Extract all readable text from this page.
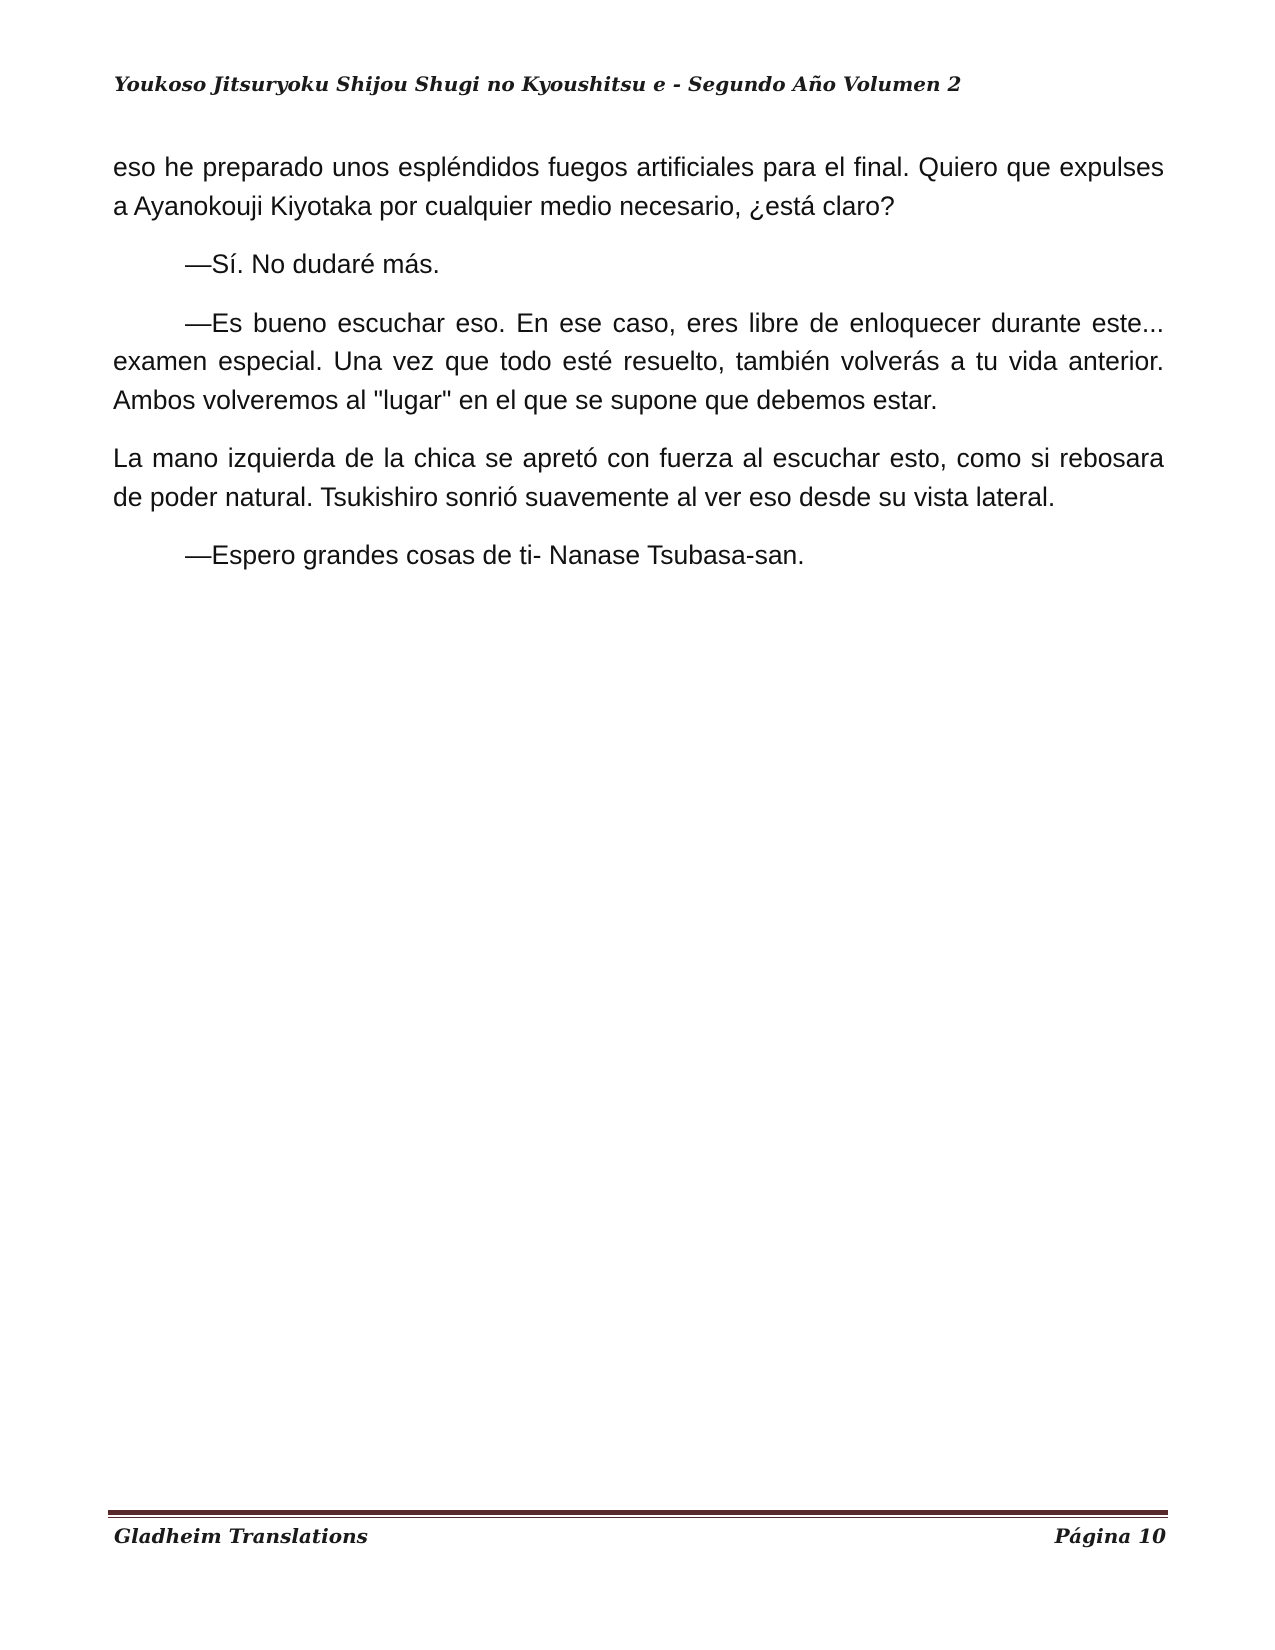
Youkoso Jitsuryoku Shijou Shugi no Kyoushitsu e - Segundo Año Volumen 2

eso he preparado unos espléndidos fuegos artificiales para el final. Quiero que expulses a Ayanokouji Kiyotaka por cualquier medio necesario, ¿está claro?

—Sí. No dudaré más.

—Es bueno escuchar eso. En ese caso, eres libre de enloquecer durante este... examen especial. Una vez que todo esté resuelto, también volverás a tu vida anterior. Ambos volveremos al "lugar" en el que se supone que debemos estar.

La mano izquierda de la chica se apretó con fuerza al escuchar esto, como si rebosara de poder natural. Tsukishiro sonrió suavemente al ver eso desde su vista lateral.

—Espero grandes cosas de ti- Nanase Tsubasa-san.

Gladheim Translations	Página 10
